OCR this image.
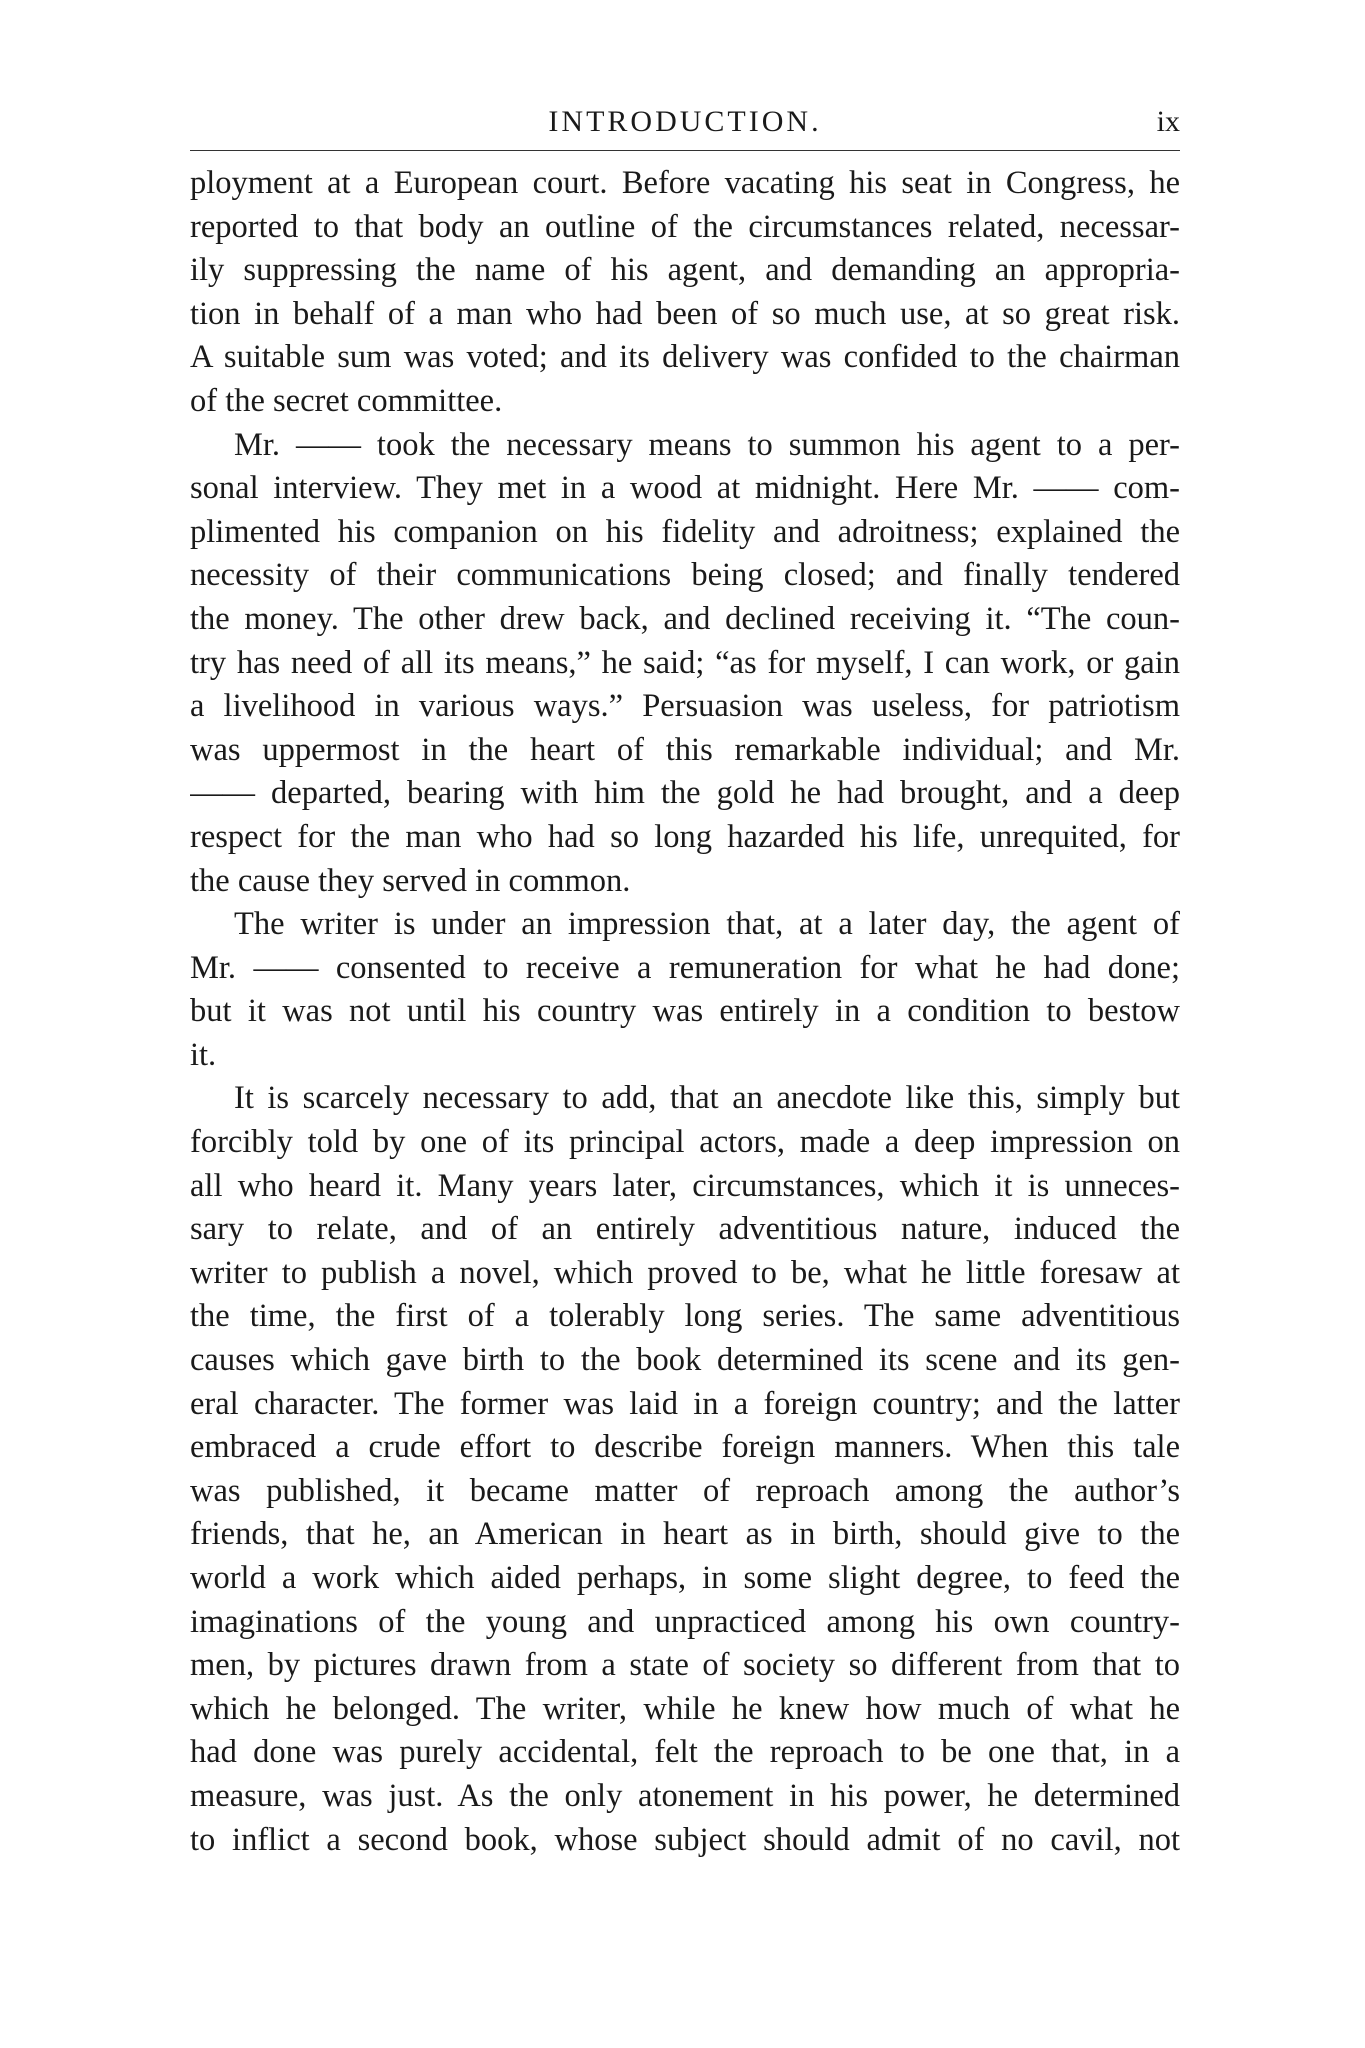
INTRODUCTION.	ix
ployment at a European court. Before vacating his seat in Congress, he
reported to that body an outline of the circumstances related, necessar-
ily suppressing the name of his agent, and demanding an appropria-
tion in behalf of a man who had been of so much use, at so great risk.
A suitable sum was voted; and its delivery was confided to the chairman
of the secret committee.
Mr. —— took the necessary means to summon his agent to a per-
sonal interview. They met in a wood at midnight. Here Mr. —— com-
plimented his companion on his fidelity and adroitness; explained the
necessity of their communications being closed; and finally tendered
the money. The other drew back, and declined receiving it. “The coun-
try has need of all its means,” he said; “as for myself, I can work, or gain
a livelihood in various ways.” Persuasion was useless, for patriotism
was uppermost in the heart of this remarkable individual; and Mr.
—— departed, bearing with him the gold he had brought, and a deep
respect for the man who had so long hazarded his life, unrequited, for
the cause they served in common.
The writer is under an impression that, at a later day, the agent of
Mr. —— consented to receive a remuneration for what he had done;
but it was not until his country was entirely in a condition to bestow
it.
It is scarcely necessary to add, that an anecdote like this, simply but
forcibly told by one of its principal actors, made a deep impression on
all who heard it. Many years later, circumstances, which it is unneces-
sary to relate, and of an entirely adventitious nature, induced the
writer to publish a novel, which proved to be, what he little foresaw at
the time, the first of a tolerably long series. The same adventitious
causes which gave birth to the book determined its scene and its gen-
eral character. The former was laid in a foreign country; and the latter
embraced a crude effort to describe foreign manners. When this tale
was published, it became matter of reproach among the author’s
friends, that he, an American in heart as in birth, should give to the
world a work which aided perhaps, in some slight degree, to feed the
imaginations of the young and unpracticed among his own country-
men, by pictures drawn from a state of society so different from that to
which he belonged. The writer, while he knew how much of what he
had done was purely accidental, felt the reproach to be one that, in a
measure, was just. As the only atonement in his power, he determined
to inflict a second book, whose subject should admit of no cavil, not
